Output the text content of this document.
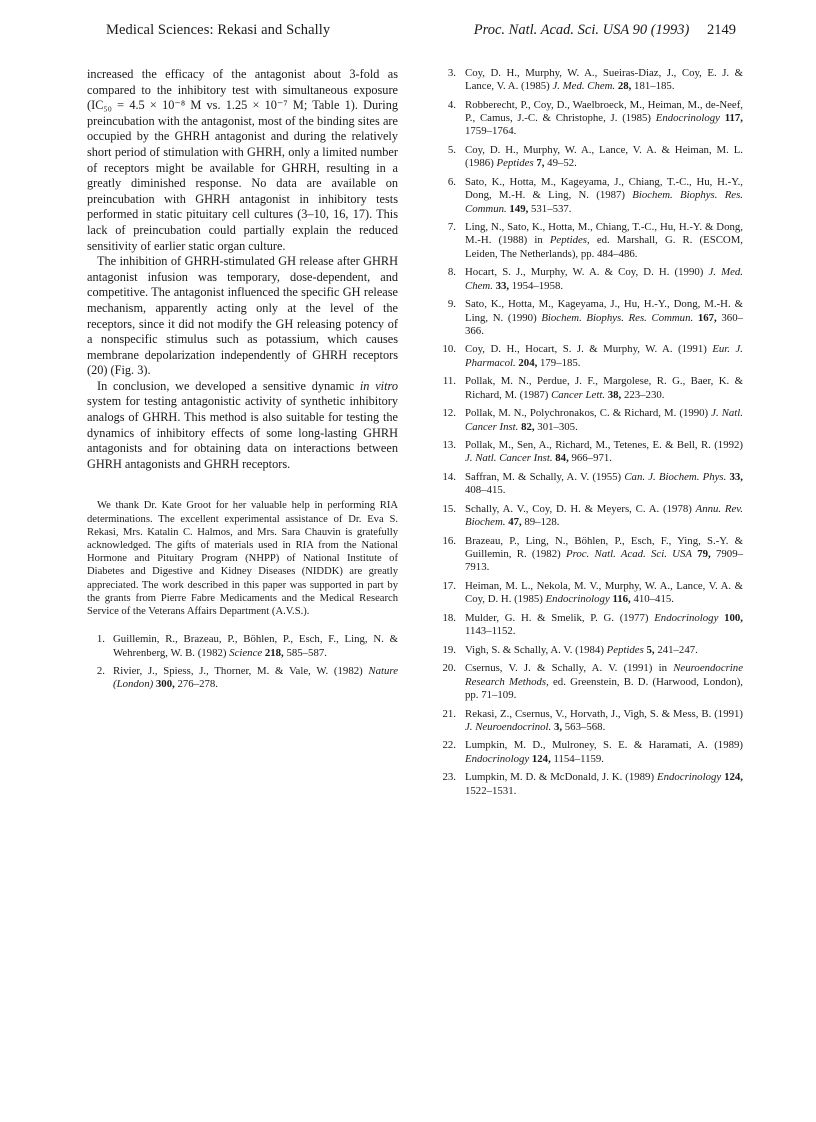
Medical Sciences: Rekasi and Schally	Proc. Natl. Acad. Sci. USA 90 (1993) 2149

increased the efficacy of the antagonist about 3-fold as compared to the inhibitory test with simultaneous exposure (IC₅₀ = 4.5 × 10⁻⁸ M vs. 1.25 × 10⁻⁷ M; Table 1). During preincubation with the antagonist, most of the binding sites are occupied by the GHRH antagonist and during the relatively short period of stimulation with GHRH, only a limited number of receptors might be available for GHRH, resulting in a greatly diminished response. No data are available on preincubation with GHRH antagonist in inhibitory tests performed in static pituitary cell cultures (3–10, 16, 17). This lack of preincubation could partially explain the reduced sensitivity of earlier static organ culture.

The inhibition of GHRH-stimulated GH release after GHRH antagonist infusion was temporary, dose-dependent, and competitive. The antagonist influenced the specific GH release mechanism, apparently acting only at the level of the receptors, since it did not modify the GH releasing potency of a nonspecific stimulus such as potassium, which causes membrane depolarization independently of GHRH receptors (20) (Fig. 3).

In conclusion, we developed a sensitive dynamic in vitro system for testing antagonistic activity of synthetic inhibitory analogs of GHRH. This method is also suitable for testing the dynamics of inhibitory effects of some long-lasting GHRH antagonists and for obtaining data on interactions between GHRH antagonists and GHRH receptors.

We thank Dr. Kate Groot for her valuable help in performing RIA determinations. The excellent experimental assistance of Dr. Eva S. Rekasi, Mrs. Katalin C. Halmos, and Mrs. Sara Chauvin is gratefully acknowledged. The gifts of materials used in RIA from the National Hormone and Pituitary Program (NHPP) of National Institute of Diabetes and Digestive and Kidney Diseases (NIDDK) are greatly appreciated. The work described in this paper was supported in part by the grants from Pierre Fabre Medicaments and the Medical Research Service of the Veterans Affairs Department (A.V.S.).

1. Guillemin, R., Brazeau, P., Böhlen, P., Esch, F., Ling, N. & Wehrenberg, W. B. (1982) Science 218, 585–587.
2. Rivier, J., Spiess, J., Thorner, M. & Vale, W. (1982) Nature (London) 300, 276–278.
3. Coy, D. H., Murphy, W. A., Sueiras-Diaz, J., Coy, E. J. & Lance, V. A. (1985) J. Med. Chem. 28, 181–185.
4. Robberecht, P., Coy, D., Waelbroeck, M., Heiman, M., de-Neef, P., Camus, J.-C. & Christophe, J. (1985) Endocrinology 117, 1759–1764.
5. Coy, D. H., Murphy, W. A., Lance, V. A. & Heiman, M. L. (1986) Peptides 7, 49–52.
6. Sato, K., Hotta, M., Kageyama, J., Chiang, T.-C., Hu, H.-Y., Dong, M.-H. & Ling, N. (1987) Biochem. Biophys. Res. Commun. 149, 531–537.
7. Ling, N., Sato, K., Hotta, M., Chiang, T.-C., Hu, H.-Y. & Dong, M.-H. (1988) in Peptides, ed. Marshall, G. R. (ESCOM, Leiden, The Netherlands), pp. 484–486.
8. Hocart, S. J., Murphy, W. A. & Coy, D. H. (1990) J. Med. Chem. 33, 1954–1958.
9. Sato, K., Hotta, M., Kageyama, J., Hu, H.-Y., Dong, M.-H. & Ling, N. (1990) Biochem. Biophys. Res. Commun. 167, 360–366.
10. Coy, D. H., Hocart, S. J. & Murphy, W. A. (1991) Eur. J. Pharmacol. 204, 179–185.
11. Pollak, M. N., Perdue, J. F., Margolese, R. G., Baer, K. & Richard, M. (1987) Cancer Lett. 38, 223–230.
12. Pollak, M. N., Polychronakos, C. & Richard, M. (1990) J. Natl. Cancer Inst. 82, 301–305.
13. Pollak, M., Sen, A., Richard, M., Tetenes, E. & Bell, R. (1992) J. Natl. Cancer Inst. 84, 966–971.
14. Saffran, M. & Schally, A. V. (1955) Can. J. Biochem. Phys. 33, 408–415.
15. Schally, A. V., Coy, D. H. & Meyers, C. A. (1978) Annu. Rev. Biochem. 47, 89–128.
16. Brazeau, P., Ling, N., Böhlen, P., Esch, F., Ying, S.-Y. & Guillemin, R. (1982) Proc. Natl. Acad. Sci. USA 79, 7909–7913.
17. Heiman, M. L., Nekola, M. V., Murphy, W. A., Lance, V. A. & Coy, D. H. (1985) Endocrinology 116, 410–415.
18. Mulder, G. H. & Smelik, P. G. (1977) Endocrinology 100, 1143–1152.
19. Vigh, S. & Schally, A. V. (1984) Peptides 5, 241–247.
20. Csernus, V. J. & Schally, A. V. (1991) in Neuroendocrine Research Methods, ed. Greenstein, B. D. (Harwood, London), pp. 71–109.
21. Rekasi, Z., Csernus, V., Horvath, J., Vigh, S. & Mess, B. (1991) J. Neuroendocrinol. 3, 563–568.
22. Lumpkin, M. D., Mulroney, S. E. & Haramati, A. (1989) Endocrinology 124, 1154–1159.
23. Lumpkin, M. D. & McDonald, J. K. (1989) Endocrinology 124, 1522–1531.
